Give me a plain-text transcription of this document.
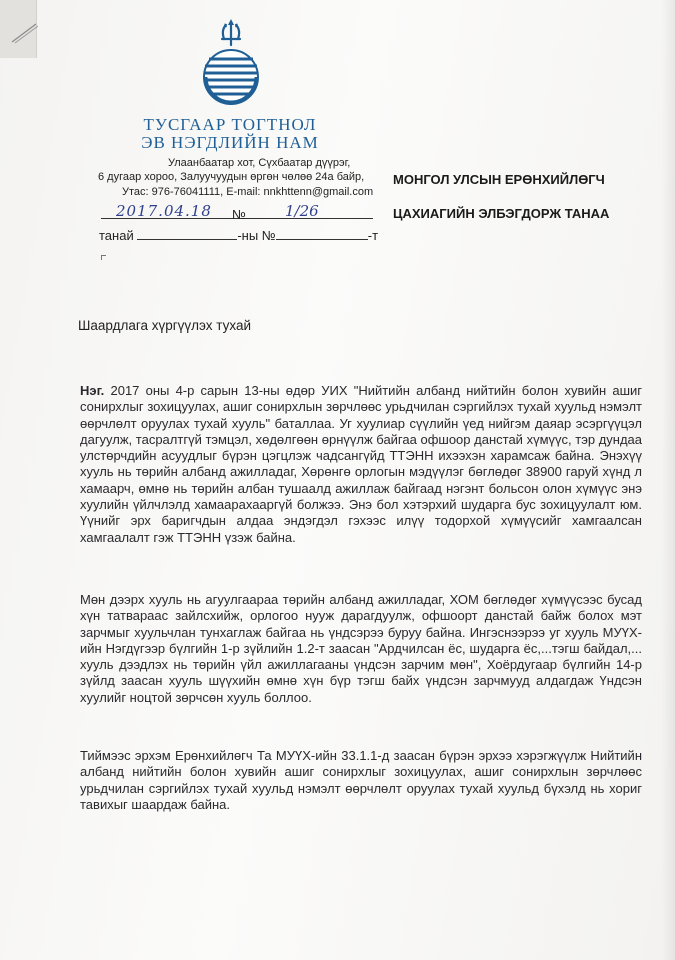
ТУСГААР ТОГТНОЛ
ЭВ НЭГДЛИЙН НАМ
Улаанбаатар хот, Сүхбаатар дүүрэг,
6 дугаар хороо, Залуучуудын өргөн чөлөө 24а байр,
Утас: 976-76041111, E-mail: nnkhttenn@gmail.com
МОНГОЛ УЛСЫН ЕРӨНХИЙЛӨГЧ
ЦАХИАГИЙН ЭЛБЭГДОРЖ ТАНАА
2017.04.18 №	1/26
танай	-ны №	-т
Шаардлага хүргүүлэх тухай

Нэг. 2017 оны 4-р сарын 13-ны өдөр УИХ "Нийтийн албанд нийтийн болон хувийн ашиг сонирхлыг зохицуулах, ашиг сонирхлын зөрчлөөс урьдчилан сэргийлэх тухай хуульд нэмэлт өөрчлөлт оруулах тухай хууль" баталлаа. Уг хуулиар сүүлийн үед нийгэм даяар эсэргүүцэл дагуулж, тасралтгүй тэмцэл, хөдөлгөөн өрнүүлж байгаа офшоор данстай хүмүүс, тэр дундаа улстөрчдийн асуудлыг бүрэн цэгцлэж чадсангүйд ТТЭНН ихээхэн харамсаж байна. Энэхүү хууль нь төрийн албанд ажилладаг, Хөрөнгө орлогын мэдүүлэг бөглөдөг 38900 гаруй хүнд л хамаарч, өмнө нь төрийн албан тушаалд ажиллаж байгаад нэгэнт больсон олон хүмүүс энэ хуулийн үйлчлэлд хамаарахааргүй болжээ. Энэ бол хэтэрхий шударга бус зохицуулалт юм. Үүнийг эрх баригчдын алдаа эндэгдэл гэхээс илүү тодорхой хүмүүсийг хамгаалсан хамгаалалт гэж ТТЭНН үзэж байна.

Мөн дээрх хууль нь агуулгаараа төрийн албанд ажилладаг, ХОМ бөглөдөг хүмүүсээс бусад хүн татвараас зайлсхийж, орлогоо нууж дарагдуулж, офшоорт данстай байж болох мэт зарчмыг хуульчлан тунхаглаж байгаа нь үндсэрээ буруу байна. Ингэснээрээ уг хууль МУҮХ-ийн Нэгдүгээр бүлгийн 1-р зүйлийн 1.2-т заасан "Ардчилсан ёс, шударга ёс,...тэгш байдал,... хууль дээдлэх нь төрийн үйл ажиллагааны үндсэн зарчим мөн", Хоёрдугаар бүлгийн 14-р зүйлд заасан хууль шүүхийн өмнө хүн бүр тэгш байх үндсэн зарчмууд алдагдаж Үндсэн хуулийг ноцтой зөрчсөн хууль боллоо.

Тиймээс эрхэм Ерөнхийлөгч Та МУҮХ-ийн 33.1.1-д заасан бүрэн эрхээ хэрэгжүүлж Нийтийн албанд нийтийн болон хувийн ашиг сонирхлыг зохицуулах, ашиг сонирхлын зөрчлөөс урьдчилан сэргийлэх тухай хуульд нэмэлт өөрчлөлт оруулах тухай хуульд бүхэлд нь хориг тавихыг шаардаж байна.
